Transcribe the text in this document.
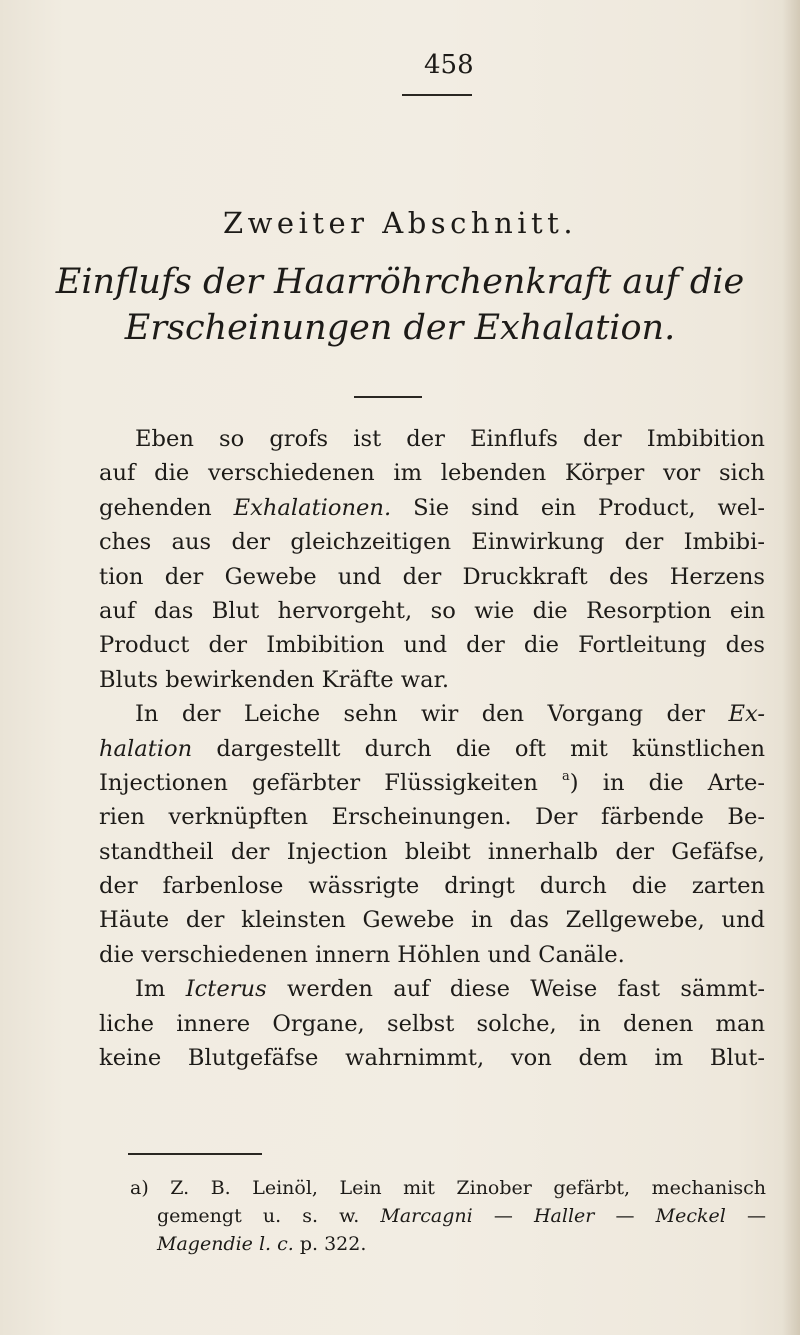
458
Zweiter Abschnitt.
Einflufs der Haarröhrchenkraft auf die
Erscheinungen der Exhalation.
Eben so grofs ist der Einflufs der Imbibition
auf die verschiedenen im lebenden Körper vor sich
gehenden Exhalationen. Sie sind ein Product, wel-
ches aus der gleichzeitigen Einwirkung der Imbibi-
tion der Gewebe und der Druckkraft des Herzens
auf das Blut hervorgeht, so wie die Resorption ein
Product der Imbibition und der die Fortleitung des
Bluts bewirkenden Kräfte war.
In der Leiche sehn wir den Vorgang der Ex-
halation dargestellt durch die oft mit künstlichen
Injectionen gefärbter Flüssigkeiten $^a$) in die Arte-
rien verknüpften Erscheinungen. Der färbende Be-
standtheil der Injection bleibt innerhalb der Gefäfse,
der farbenlose wässrigte dringt durch die zarten
Häute der kleinsten Gewebe in das Zellgewebe, und
die verschiedenen innern Höhlen und Canäle.
Im Icterus werden auf diese Weise fast sämmt-
liche innere Organe, selbst solche, in denen man
keine Blutgefäfse wahrnimmt, von dem im Blut-
a) Z. B. Leinöl, Lein mit Zinober gefärbt, mechanisch
gemengt u. s. w. Marcagni — Haller — Meckel —
Magendie l. c. p. 322.
